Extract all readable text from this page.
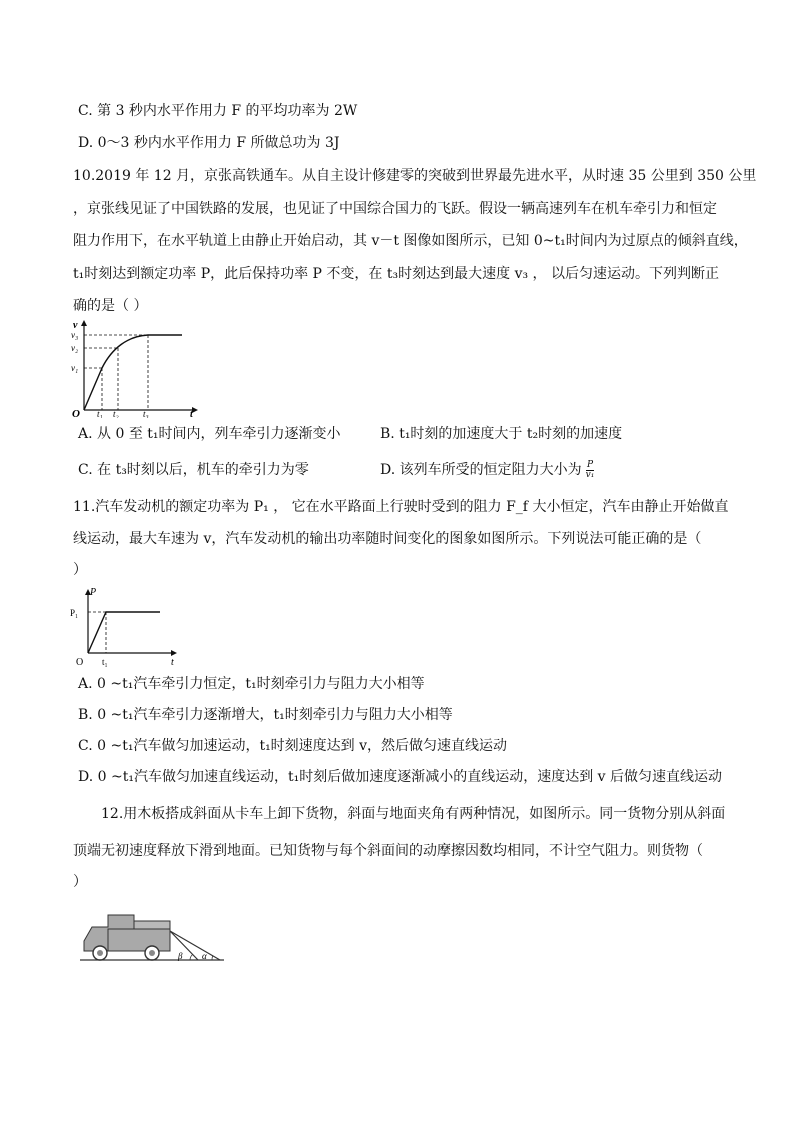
C. 第 3 秒内水平作用力 F 的平均功率为 2W
D. 0～3 秒内水平作用力 F 所做总功为 3J
10.2019 年 12 月，京张高铁通车。从自主设计修建零的突破到世界最先进水平，从时速 35 公里到 350 公里
，京张线见证了中国铁路的发展，也见证了中国综合国力的飞跃。假设一辆高速列车在机车牵引力和恒定
阻力作用下，在水平轨道上由静止开始启动，其 v－t 图像如图所示，已知 0~t₁时间内为过原点的倾斜直线，
t₁时刻达到额定功率 P，此后保持功率 P 不变，在 t₃时刻达到最大速度 v₃ ， 以后匀速运动。下列判断正
确的是（ ）
v
t
O
v₃
v₂
v₁
t₁ t₂	t₃
A. 从 0 至 t₁时间内，列车牵引力逐渐变小	B. t₁时刻的加速度大于 t₂时刻的加速度
C. 在 t₃时刻以后，机车的牵引力为零	D. 该列车所受的恒定阻力大小为 $\frac{P}{\text{v₁}}$
11.汽车发动机的额定功率为 P₁ ， 它在水平路面上行驶时受到的阻力 F_f 大小恒定，汽车由静止开始做直
线运动，最大车速为 v，汽车发动机的输出功率随时间变化的图象如图所示。下列说法可能正确的是（
）
P
t
O
P₁
t₁
A. 0 ~t₁汽车牵引力恒定，t₁时刻牵引力与阻力大小相等
B. 0 ~t₁汽车牵引力逐渐增大，t₁时刻牵引力与阻力大小相等
C. 0 ~t₁汽车做匀加速运动，t₁时刻速度达到 v，然后做匀速直线运动
D. 0 ~t₁汽车做匀加速直线运动，t₁时刻后做加速度逐渐减小的直线运动，速度达到 v 后做匀速直线运动
12.用木板搭成斜面从卡车上卸下货物，斜面与地面夹角有两种情况，如图所示。同一货物分别从斜面
顶端无初速度释放下滑到地面。已知货物与每个斜面间的动摩擦因数均相同，不计空气阻力。则货物（
）
β α
